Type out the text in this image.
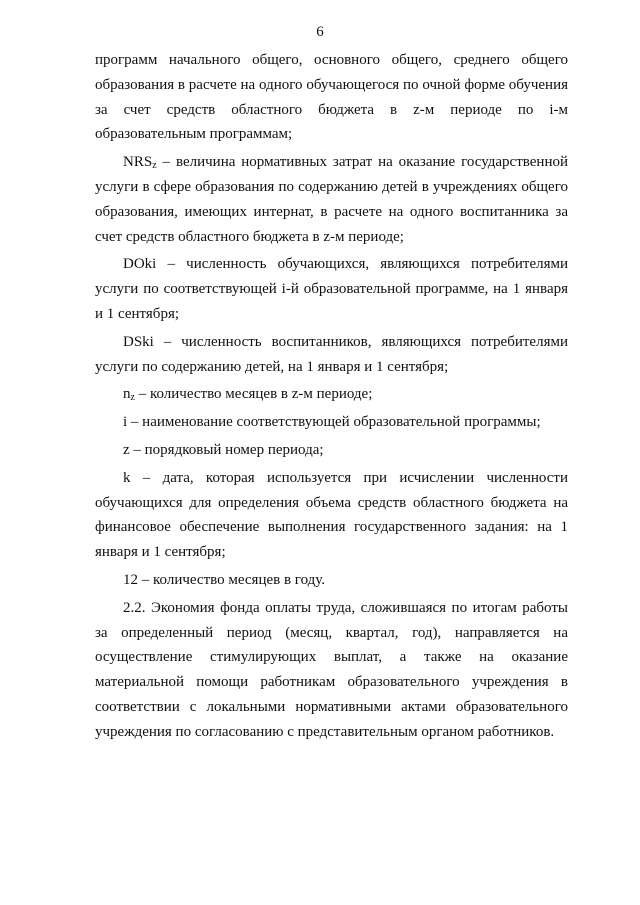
6

программ начального общего, основного общего, среднего общего образования в расчете на одного обучающегося по очной форме обучения за счет средств областного бюджета в z-м периоде по i-м образовательным программам;

$NRS_z$ – величина нормативных затрат на оказание государственной услуги в сфере образования по содержанию детей в учреждениях общего образования, имеющих интернат, в расчете на одного воспитанника за счет средств областного бюджета в z-м периоде;

DOki – численность обучающихся, являющихся потребителями услуги по соответствующей i-й образовательной программе, на 1 января и 1 сентября;

DSki – численность воспитанников, являющихся потребителями услуги по содержанию детей, на 1 января и 1 сентября;

$n_z$ – количество месяцев в z-м периоде;

i – наименование соответствующей образовательной программы;

z – порядковый номер периода;

k – дата, которая используется при исчислении численности обучающихся для определения объема средств областного бюджета на финансовое обеспечение выполнения государственного задания: на 1 января и 1 сентября;

12 – количество месяцев в году.

2.2. Экономия фонда оплаты труда, сложившаяся по итогам работы за определенный период (месяц, квартал, год), направляется на осуществление стимулирующих выплат, а также на оказание материальной помощи работникам образовательного учреждения в соответствии с локальными нормативными актами образовательного учреждения по согласованию с представительным органом работников.
